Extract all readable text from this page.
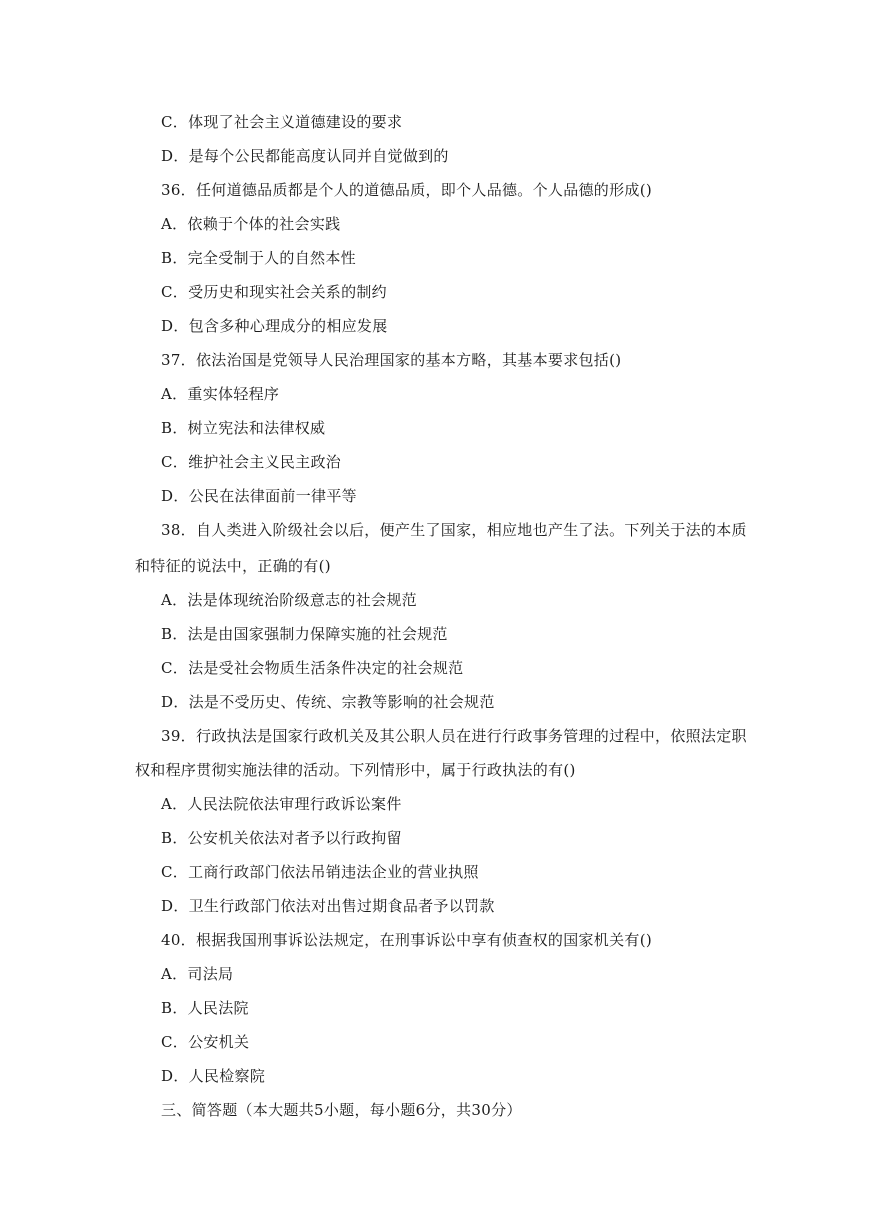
C．体现了社会主义道德建设的要求
D．是每个公民都能高度认同并自觉做到的
36．任何道德品质都是个人的道德品质，即个人品德。个人品德的形成()
A．依赖于个体的社会实践
B．完全受制于人的自然本性
C．受历史和现实社会关系的制约
D．包含多种心理成分的相应发展
37．依法治国是党领导人民治理国家的基本方略，其基本要求包括()
A．重实体轻程序
B．树立宪法和法律权威
C．维护社会主义民主政治
D．公民在法律面前一律平等
38．自人类进入阶级社会以后，便产生了国家，相应地也产生了法。下列关于法的本质
和特征的说法中，正确的有()
A．法是体现统治阶级意志的社会规范
B．法是由国家强制力保障实施的社会规范
C．法是受社会物质生活条件决定的社会规范
D．法是不受历史、传统、宗教等影响的社会规范
39．行政执法是国家行政机关及其公职人员在进行行政事务管理的过程中，依照法定职
权和程序贯彻实施法律的活动。下列情形中，属于行政执法的有()
A．人民法院依法审理行政诉讼案件
B．公安机关依法对者予以行政拘留
C．工商行政部门依法吊销违法企业的营业执照
D．卫生行政部门依法对出售过期食品者予以罚款
40．根据我国刑事诉讼法规定，在刑事诉讼中享有侦查权的国家机关有()
A．司法局
B．人民法院
C．公安机关
D．人民检察院
三、简答题（本大题共5小题，每小题6分，共30分）
